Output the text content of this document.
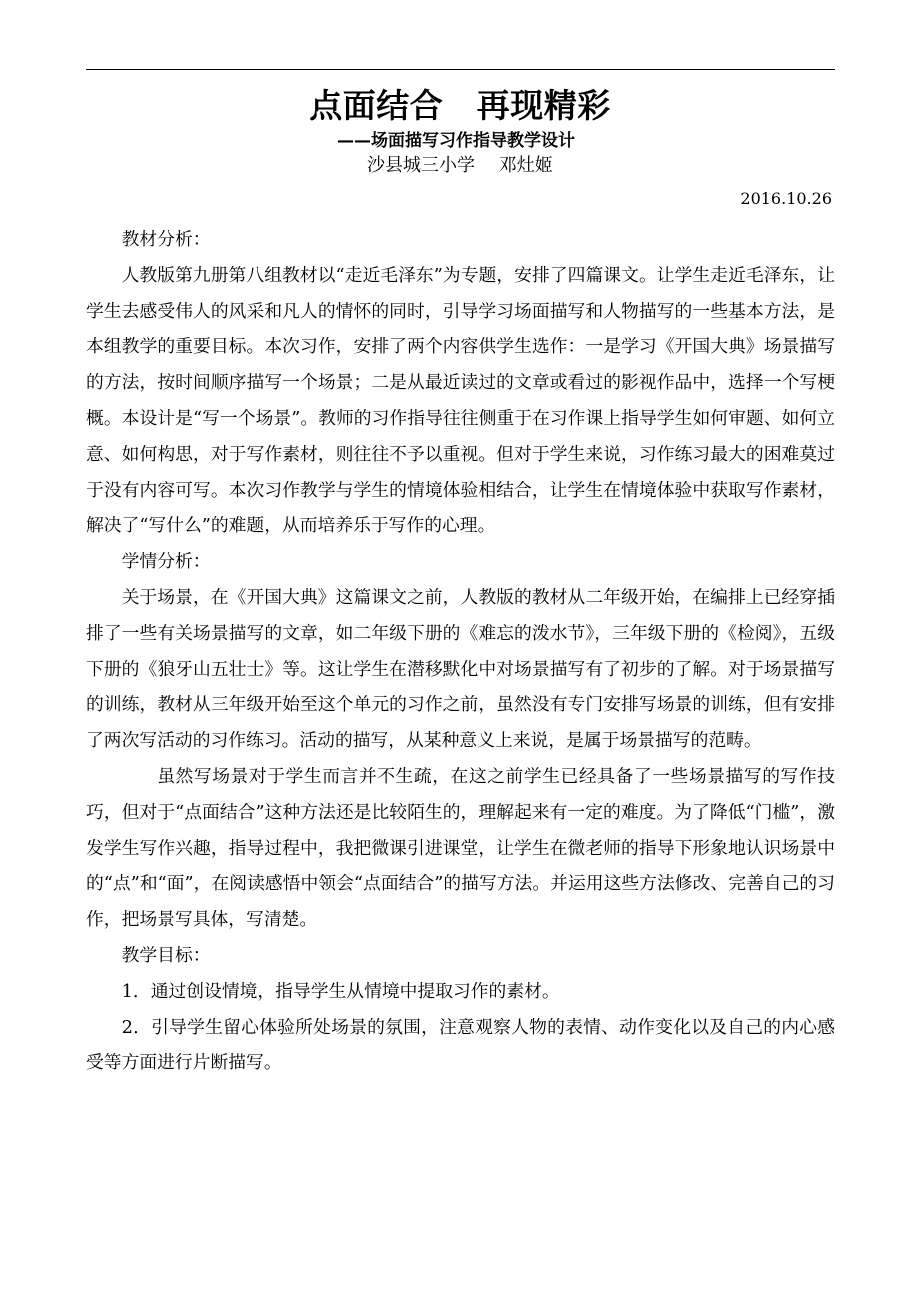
点面结合　再现精彩
——场面描写习作指导教学设计
沙县城三小学　 邓灶姬
2016.10.26

教材分析：

人教版第九册第八组教材以“走近毛泽东”为专题，安排了四篇课文。让学生走近毛泽东，让学生去感受伟人的风采和凡人的情怀的同时，引导学习场面描写和人物描写的一些基本方法，是本组教学的重要目标。本次习作，安排了两个内容供学生选作：一是学习《开国大典》场景描写的方法，按时间顺序描写一个场景；二是从最近读过的文章或看过的影视作品中，选择一个写梗概。本设计是“写一个场景”。教师的习作指导往往侧重于在习作课上指导学生如何审题、如何立意、如何构思，对于写作素材，则往往不予以重视。但对于学生来说，习作练习最大的困难莫过于没有内容可写。本次习作教学与学生的情境体验相结合，让学生在情境体验中获取写作素材，解决了“写什么”的难题，从而培养乐于写作的心理。

学情分析：

关于场景，在《开国大典》这篇课文之前，人教版的教材从二年级开始，在编排上已经穿插排了一些有关场景描写的文章，如二年级下册的《难忘的泼水节》，三年级下册的《检阅》，五级下册的《狼牙山五壮士》等。这让学生在潜移默化中对场景描写有了初步的了解。对于场景描写的训练，教材从三年级开始至这个单元的习作之前，虽然没有专门安排写场景的训练，但有安排了两次写活动的习作练习。活动的描写，从某种意义上来说，是属于场景描写的范畴。

虽然写场景对于学生而言并不生疏，在这之前学生已经具备了一些场景描写的写作技巧，但对于“点面结合”这种方法还是比较陌生的，理解起来有一定的难度。为了降低“门槛”，激发学生写作兴趣，指导过程中，我把微课引进课堂，让学生在微老师的指导下形象地认识场景中的“点”和“面”，在阅读感悟中领会“点面结合”的描写方法。并运用这些方法修改、完善自己的习作，把场景写具体，写清楚。

教学目标：

1．通过创设情境，指导学生从情境中提取习作的素材。

2．引导学生留心体验所处场景的氛围，注意观察人物的表情、动作变化以及自己的内心感受等方面进行片断描写。
